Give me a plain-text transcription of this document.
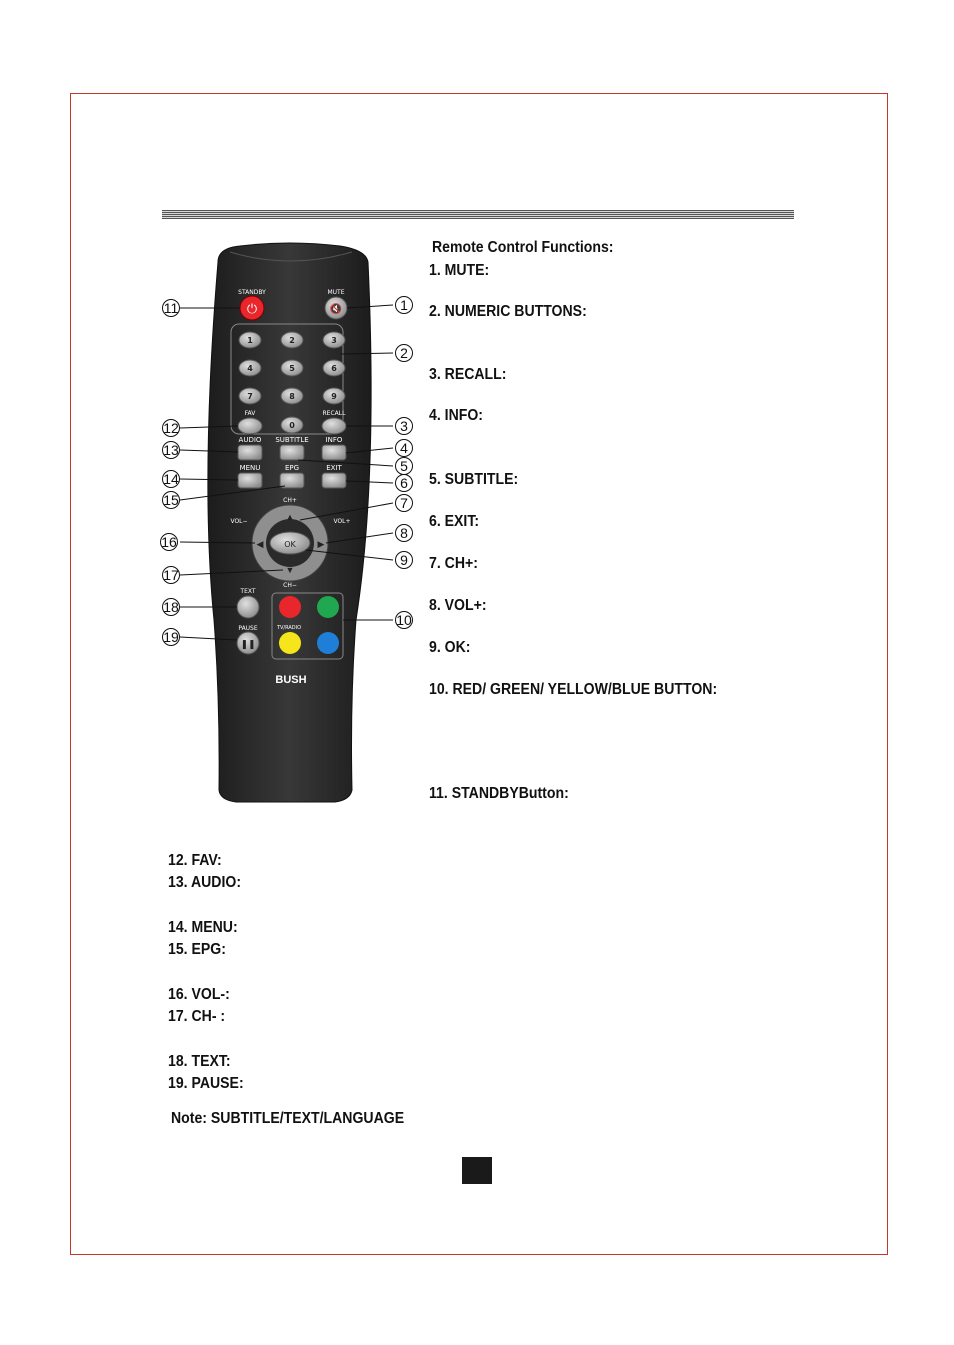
Remote Control Functions:
1. MUTE:
2. NUMERIC BUTTONS:
3. RECALL:
4. INFO:
5. SUBTITLE:
6. EXIT:
7. CH+:
8. VOL+:
9. OK:
10. RED/ GREEN/ YELLOW/BLUE BUTTON:
11. STANDBYButton:
12. FAV:
13. AUDIO:
14. MENU:
15. EPG:
16. VOL-:
17. CH- :
18. TEXT:
19. PAUSE:
Note: SUBTITLE/TEXT/LANGUAGE
STANDBY
⏻
MUTE
🔇
1	2	3
4	5	6
7	8	9
0
FAV	RECALL
AUDIO SUBTITLE INFO
MENU	EPG	EXIT
CH+
OK
▲
▼
◀	▶
VOL−	VOL+
CH−
TEXT
PAUSE
❚❚
TV/RADIO
BUSH
1
2
3
4
5
6
7
8
9
10
11
12
13
14
15
16
17
18
19
